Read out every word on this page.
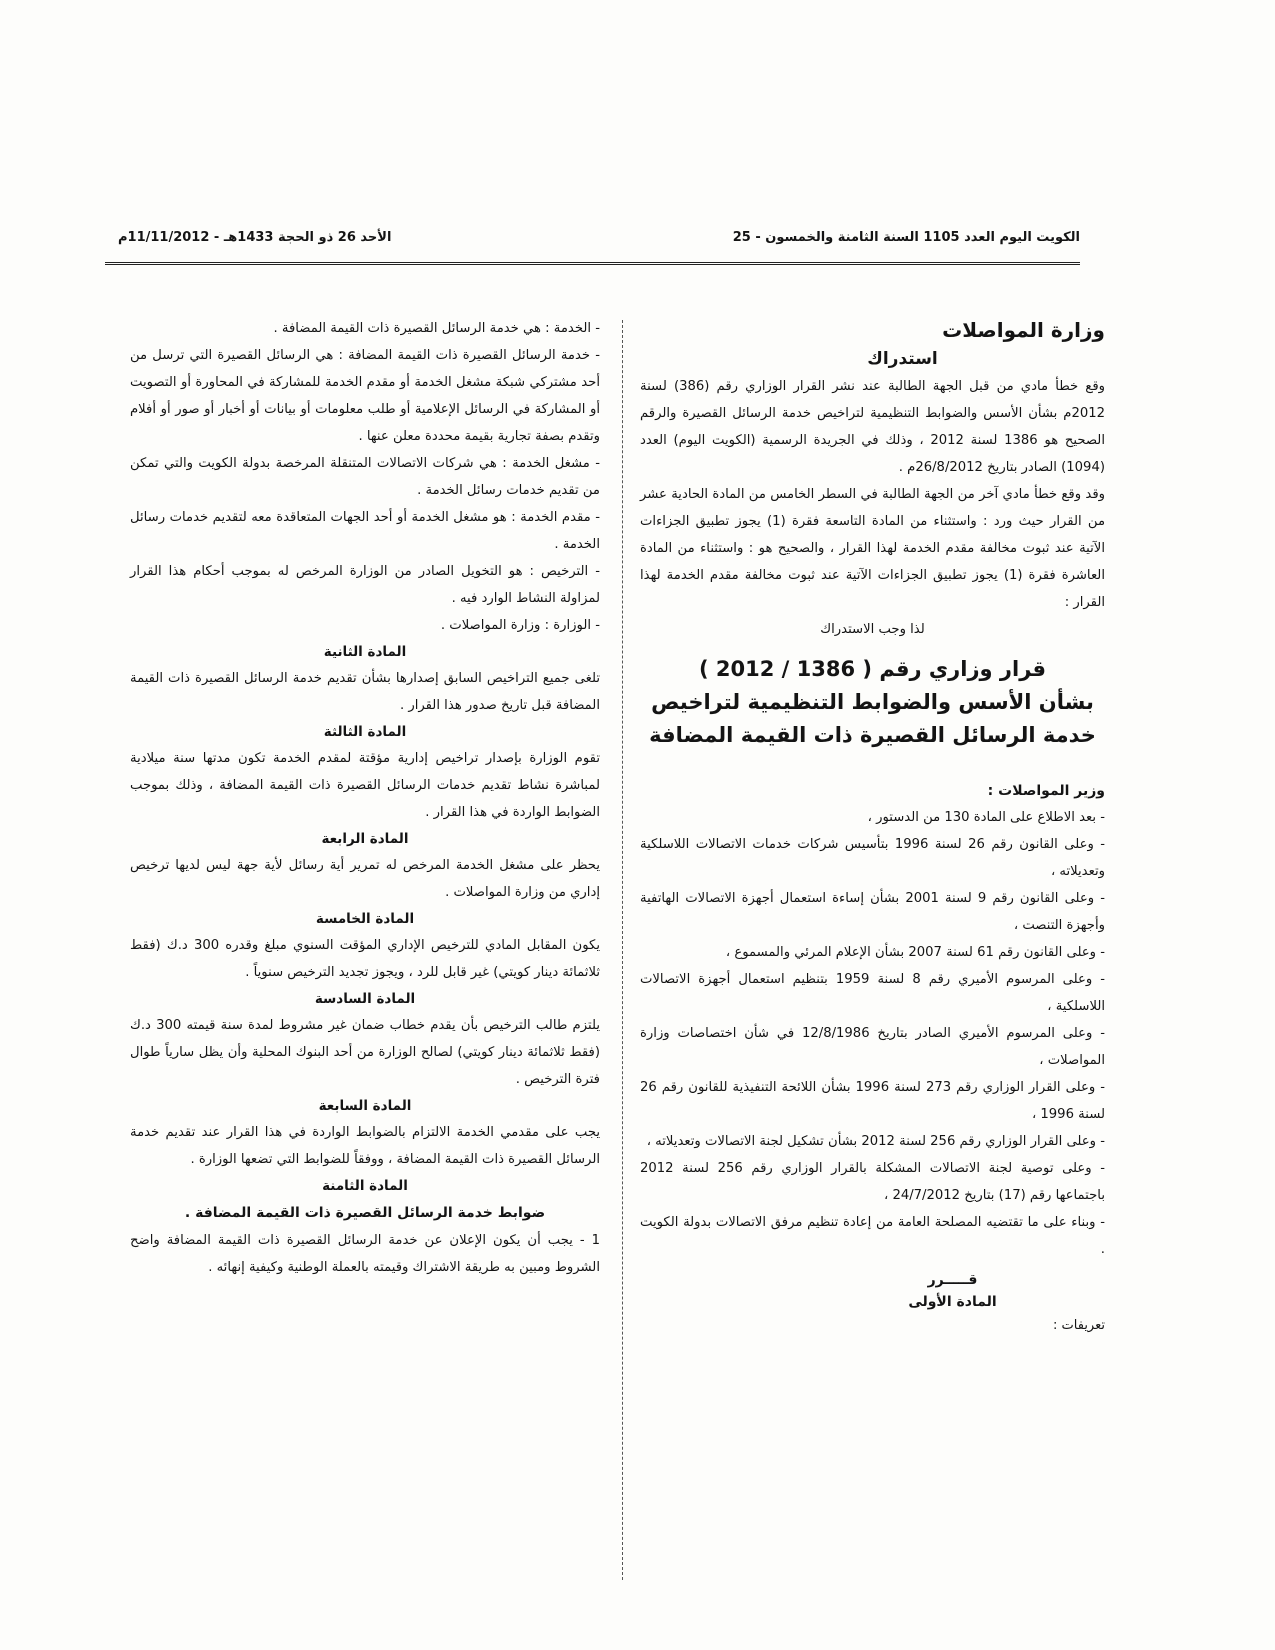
الكويت اليوم العدد 1105 السنة الثامنة والخمسون - 25
الأحد 26 ذو الحجة 1433هـ - 11/11/2012م
وزارة المواصلات
استدراك

وقع خطأ مادي من قبل الجهة الطالبة عند نشر القرار الوزاري رقم (386) لسنة 2012م بشأن الأسس والضوابط التنظيمية لتراخيص خدمة الرسائل القصيرة والرقم الصحيح هو 1386 لسنة 2012 ، وذلك في الجريدة الرسمية (الكويت اليوم) العدد (1094) الصادر بتاريخ 26/8/2012م .

وقد وقع خطأ مادي آخر من الجهة الطالبة في السطر الخامس من المادة الحادية عشر من القرار حيث ورد : واستثناء من المادة التاسعة فقرة (1) يجوز تطبيق الجزاءات الآتية عند ثبوت مخالفة مقدم الخدمة لهذا القرار ، والصحيح هو : واستثناء من المادة العاشرة فقرة (1) يجوز تطبيق الجزاءات الآتية عند ثبوت مخالفة مقدم الخدمة لهذا القرار :

لذا وجب الاستدراك

قرار وزاري رقم ( 1386 / 2012 )
بشأن الأسس والضوابط التنظيمية لتراخيص
خدمة الرسائل القصيرة ذات القيمة المضافة
وزير المواصلات :

- بعد الاطلاع على المادة 130 من الدستور ،

- وعلى القانون رقم 26 لسنة 1996 بتأسيس شركات خدمات الاتصالات اللاسلكية وتعديلاته ،

- وعلى القانون رقم 9 لسنة 2001 بشأن إساءة استعمال أجهزة الاتصالات الهاتفية وأجهزة التنصت ،

- وعلى القانون رقم 61 لسنة 2007 بشأن الإعلام المرئي والمسموع ،

- وعلى المرسوم الأميري رقم 8 لسنة 1959 بتنظيم استعمال أجهزة الاتصالات اللاسلكية ،

- وعلى المرسوم الأميري الصادر بتاريخ 12/8/1986 في شأن اختصاصات وزارة المواصلات ،

- وعلى القرار الوزاري رقم 273 لسنة 1996 بشأن اللائحة التنفيذية للقانون رقم 26 لسنة 1996 ،

- وعلى القرار الوزاري رقم 256 لسنة 2012 بشأن تشكيل لجنة الاتصالات وتعديلاته ،

- وعلى توصية لجنة الاتصالات المشكلة بالقرار الوزاري رقم 256 لسنة 2012 باجتماعها رقم (17) بتاريخ 24/7/2012 ،

- وبناء على ما تقتضيه المصلحة العامة من إعادة تنظيم مرفق الاتصالات بدولة الكويت .

قـــــرر
المادة الأولى
تعريفات :

- الخدمة : هي خدمة الرسائل القصيرة ذات القيمة المضافة .

- خدمة الرسائل القصيرة ذات القيمة المضافة : هي الرسائل القصيرة التي ترسل من أحد مشتركي شبكة مشغل الخدمة أو مقدم الخدمة للمشاركة في المحاورة أو التصويت أو المشاركة في الرسائل الإعلامية أو طلب معلومات أو بيانات أو أخبار أو صور أو أفلام وتقدم بصفة تجارية بقيمة محددة معلن عنها .

- مشغل الخدمة : هي شركات الاتصالات المتنقلة المرخصة بدولة الكويت والتي تمكن من تقديم خدمات رسائل الخدمة .

- مقدم الخدمة : هو مشغل الخدمة أو أحد الجهات المتعاقدة معه لتقديم خدمات رسائل الخدمة .

- الترخيص : هو التخويل الصادر من الوزارة المرخص له بموجب أحكام هذا القرار لمزاولة النشاط الوارد فيه .

- الوزارة : وزارة المواصلات .

المادة الثانية

تلغى جميع التراخيص السابق إصدارها بشأن تقديم خدمة الرسائل القصيرة ذات القيمة المضافة قبل تاريخ صدور هذا القرار .

المادة الثالثة

تقوم الوزارة بإصدار تراخيص إدارية مؤقتة لمقدم الخدمة تكون مدتها سنة ميلادية لمباشرة نشاط تقديم خدمات الرسائل القصيرة ذات القيمة المضافة ، وذلك بموجب الضوابط الواردة في هذا القرار .

المادة الرابعة

يحظر على مشغل الخدمة المرخص له تمرير أية رسائل لأية جهة ليس لديها ترخيص إداري من وزارة المواصلات .

المادة الخامسة

يكون المقابل المادي للترخيص الإداري المؤقت السنوي مبلغ وقدره 300 د.ك (فقط ثلاثمائة دينار كويتي) غير قابل للرد ، ويجوز تجديد الترخيص سنوياً .

المادة السادسة

يلتزم طالب الترخيص بأن يقدم خطاب ضمان غير مشروط لمدة سنة قيمته 300 د.ك (فقط ثلاثمائة دينار كويتي) لصالح الوزارة من أحد البنوك المحلية وأن يظل سارياً طوال فترة الترخيص .

المادة السابعة

يجب على مقدمي الخدمة الالتزام بالضوابط الواردة في هذا القرار عند تقديم خدمة الرسائل القصيرة ذات القيمة المضافة ، ووفقاً للضوابط التي تضعها الوزارة .

المادة الثامنة
ضوابط خدمة الرسائل القصيرة ذات القيمة المضافة .

1 - يجب أن يكون الإعلان عن خدمة الرسائل القصيرة ذات القيمة المضافة واضح الشروط ومبين به طريقة الاشتراك وقيمته بالعملة الوطنية وكيفية إنهائه .
